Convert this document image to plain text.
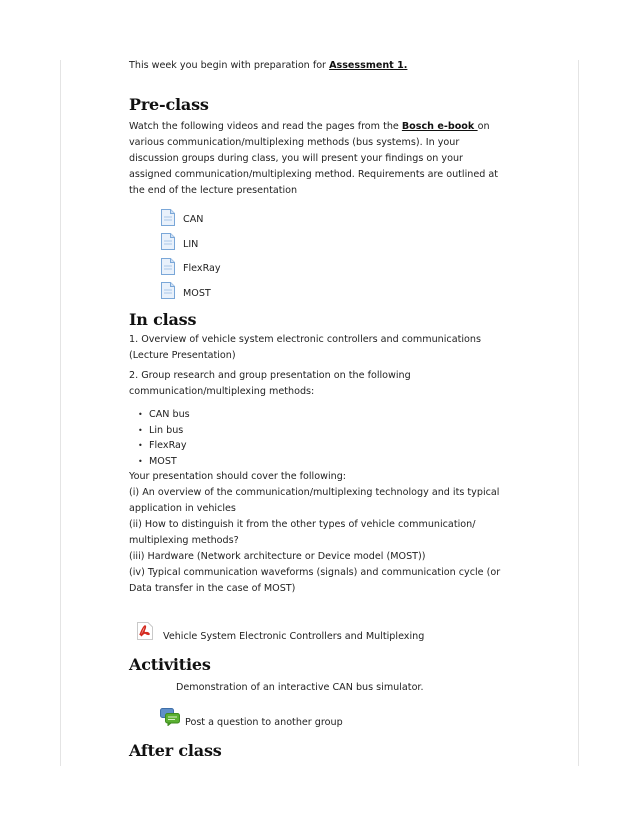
This week you begin with preparation for Assessment 1.

Pre-class

Watch the following videos and read the pages from the Bosch e-book on various communication/multiplexing methods (bus systems). In your discussion groups during class, you will present your findings on your assigned communication/multiplexing method. Requirements are outlined at the end of the lecture presentation

CAN
LIN
FlexRay
MOST
In class

1. Overview of vehicle system electronic controllers and communications (Lecture Presentation)

2. Group research and group presentation on the following communication/multiplexing methods:

• CAN bus
• Lin bus
• FlexRay
• MOST

Your presentation should cover the following:

(i) An overview of the communication/multiplexing technology and its typical application in vehicles

(ii) How to distinguish it from the other types of vehicle communication/ multiplexing methods?

(iii) Hardware (Network architecture or Device model (MOST))

(iv) Typical communication waveforms (signals) and communication cycle (or Data transfer in the case of MOST)

Vehicle System Electronic Controllers and Multiplexing
Activities

Demonstration of an interactive CAN bus simulator.

Post a question to another group
After class
